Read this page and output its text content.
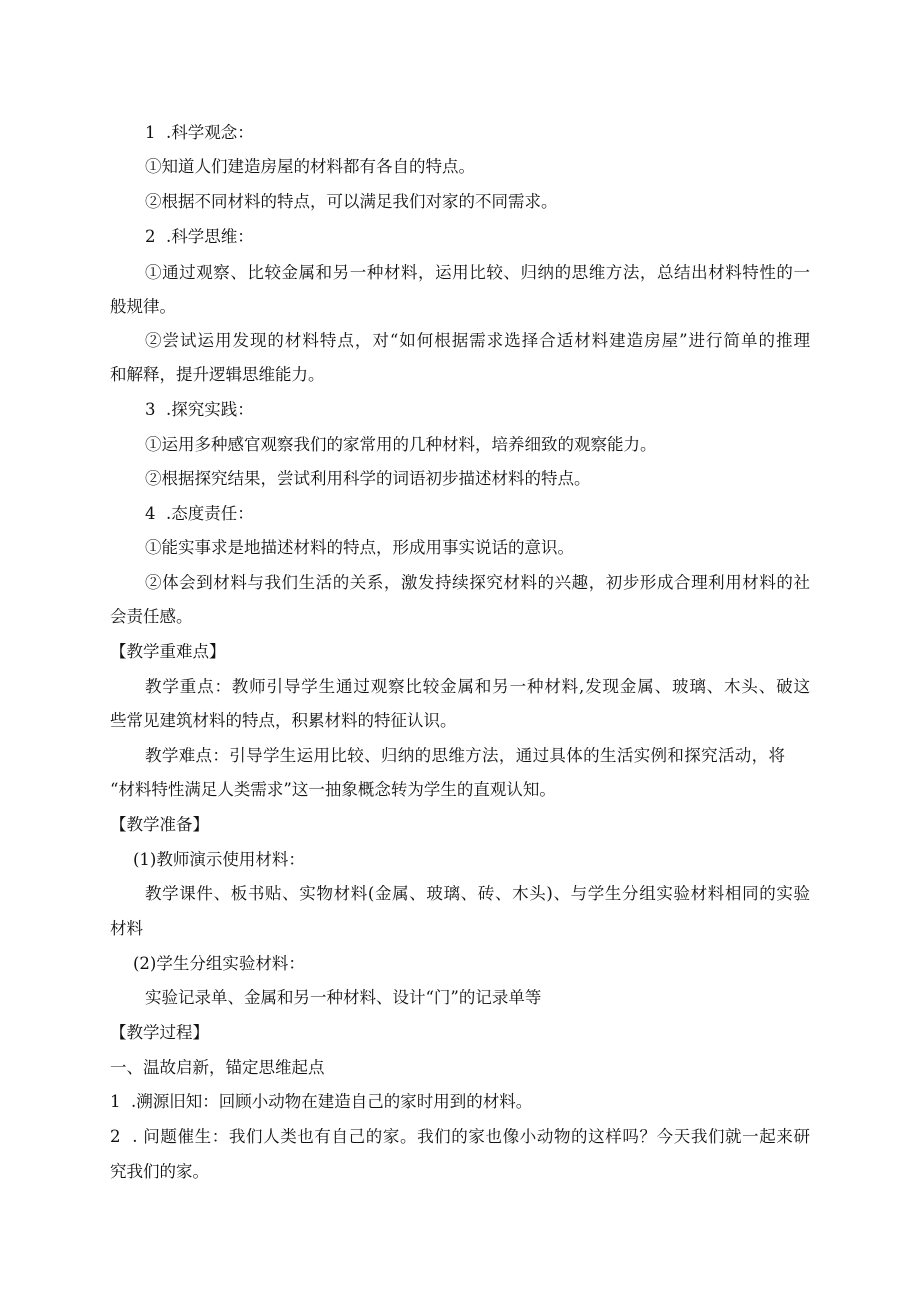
1  .科学观念：
①知道人们建造房屋的材料都有各自的特点。
②根据不同材料的特点，可以满足我们对家的不同需求。
2  .科学思维：
①通过观察、比较金属和另一种材料，运用比较、归纳的思维方法，总结出材料特性的一
般规律。
②尝试运用发现的材料特点，对“如何根据需求选择合适材料建造房屋”进行简单的推理
和解释，提升逻辑思维能力。
3  .探究实践：
①运用多种感官观察我们的家常用的几种材料，培养细致的观察能力。
②根据探究结果，尝试利用科学的词语初步描述材料的特点。
4  .态度责任：
①能实事求是地描述材料的特点，形成用事实说话的意识。
②体会到材料与我们生活的关系，激发持续探究材料的兴趣，初步形成合理利用材料的社
会责任感。
【教学重难点】
教学重点：教师引导学生通过观察比较金属和另一种材料,发现金属、玻璃、木头、破这
些常见建筑材料的特点，积累材料的特征认识。
教学难点：引导学生运用比较、归纳的思维方法，通过具体的生活实例和探究活动，将
“材料特性满足人类需求”这一抽象概念转为学生的直观认知。
【教学准备】
(1)教师演示使用材料：
教学课件、板书贴、实物材料(金属、玻璃、砖、木头)、与学生分组实验材料相同的实验
材料
(2)学生分组实验材料：
实验记录单、金属和另一种材料、设计“门”的记录单等
【教学过程】
一、温故启新，锚定思维起点
1  .溯源旧知：回顾小动物在建造自己的家时用到的材料。
2  . 问题催生：我们人类也有自己的家。我们的家也像小动物的这样吗？今天我们就一起来研
究我们的家。
